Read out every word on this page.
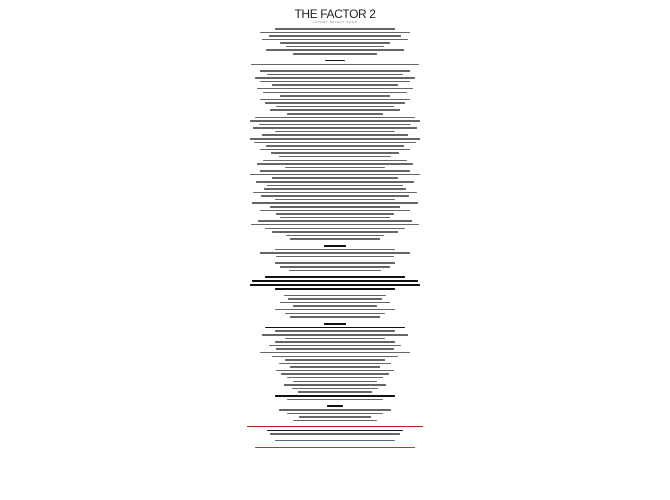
THE FACTOR 2
LUXURY SELECT SHOP
